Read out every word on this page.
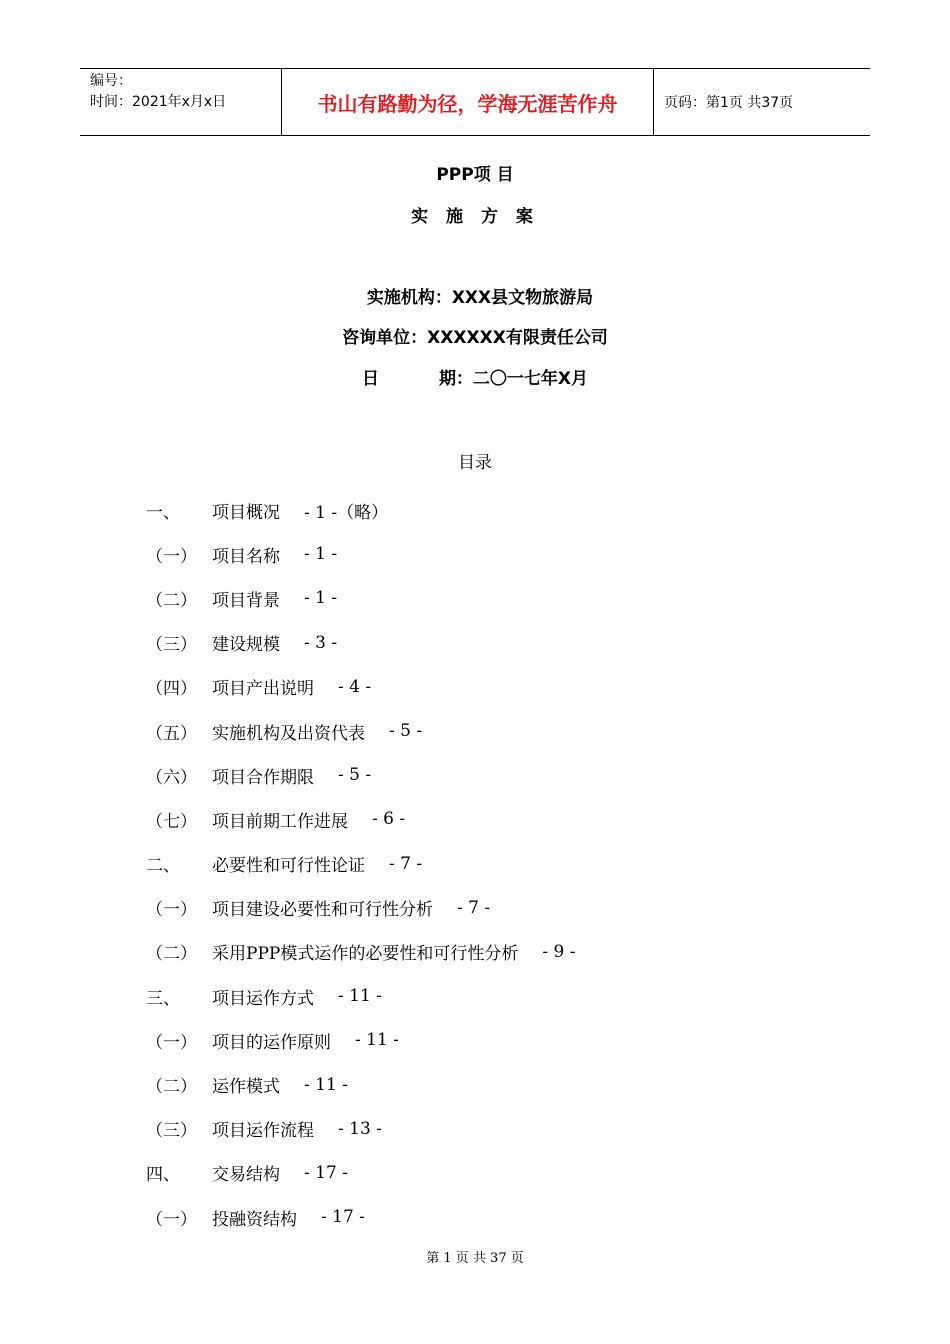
编号：
时间：2021年x月x日	书山有路勤为径，学海无涯苦作舟	页码：第1页 共37页
PPP项 目
实 施 方 案
实施机构：XXX县文物旅游局
咨询单位：XXXXXX有限责任公司
日	期：二〇一七年X月
目录
一、	项目概况 - 1 -（略）
（一） 项目名称 - 1 -
（二） 项目背景 - 1 -
（三） 建设规模 - 3 -
（四） 项目产出说明 - 4 -
（五） 实施机构及出资代表 - 5 -
（六） 项目合作期限 - 5 -
（七） 项目前期工作进展 - 6 -
二、	必要性和可行性论证 - 7 -
（一） 项目建设必要性和可行性分析 - 7 -
（二） 采用PPP模式运作的必要性和可行性分析 - 9 -
三、	项目运作方式 - 11 -
（一） 项目的运作原则 - 11 -
（二） 运作模式 - 11 -
（三） 项目运作流程 - 13 -
四、	交易结构 - 17 -
（一） 投融资结构 - 17 -
第 1 页 共 37 页
